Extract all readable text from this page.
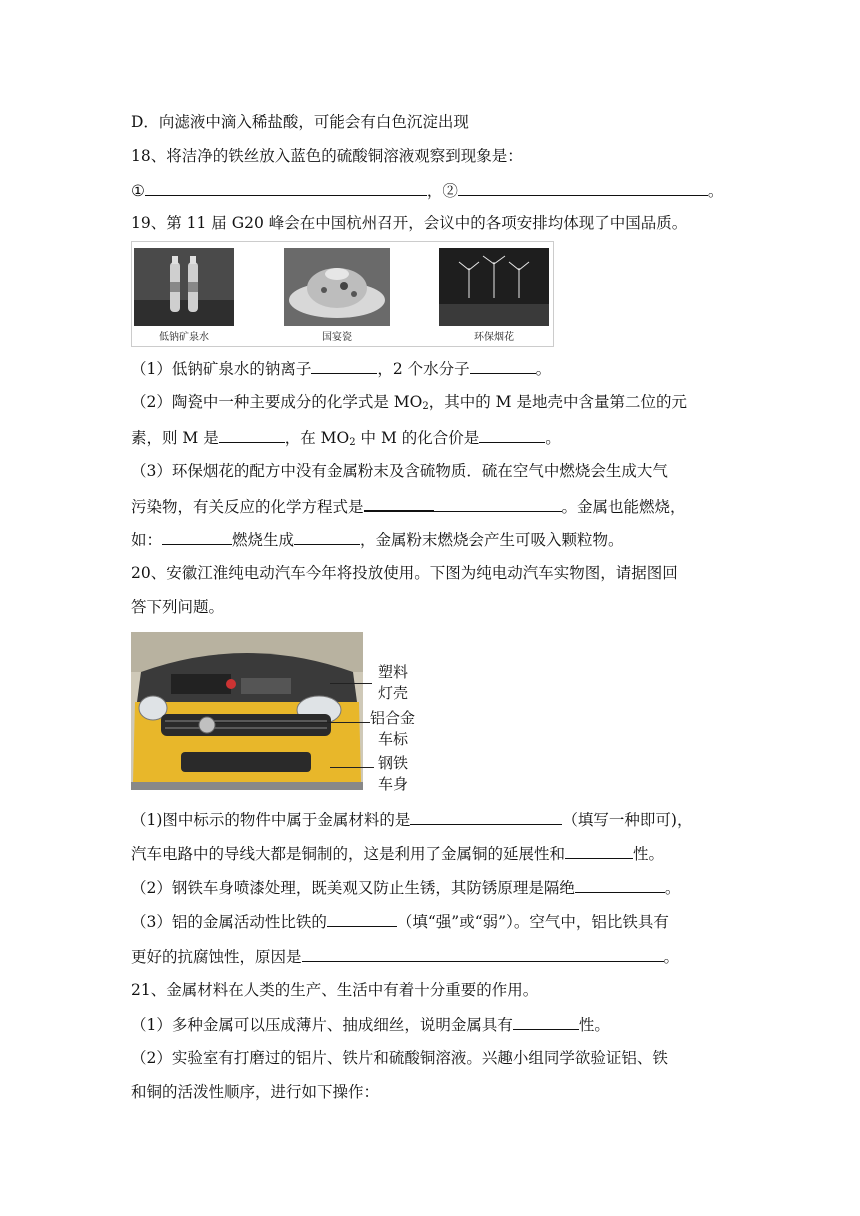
D．向滤液中滴入稀盐酸，可能会有白色沉淀出现
18、将洁净的铁丝放入蓝色的硫酸铜溶液观察到现象是：
①	，②	。
19、第 11 届 G20 峰会在中国杭州召开，会议中的各项安排均体现了中国品质。
低钠矿泉水	国宴瓷	环保烟花
（1）低钠矿泉水的钠离子	，2 个水分子	。
（2）陶瓷中一种主要成分的化学式是 $MO_2$，其中的 M 是地壳中含量第二位的元
素，则 M 是	，在 $MO_2$ 中 M 的化合价是	。
（3）环保烟花的配方中没有金属粉末及含硫物质．硫在空气中燃烧会生成大气
污染物，有关反应的化学方程式是	。金属也能燃烧，
如：	燃烧生成	，金属粉末燃烧会产生可吸入颗粒物。
20、安徽江淮纯电动汽车今年将投放使用。下图为纯电动汽车实物图，请据图回
答下列问题。
塑料
灯壳
铝合金
车标
钢铁
车身
（1)图中标示的物件中属于金属材料的是	（填写一种即可)，
汽车电路中的导线大都是铜制的，这是利用了金属铜的延展性和	性。
（2）钢铁车身喷漆处理，既美观又防止生锈，其防锈原理是隔绝	。
（3）铝的金属活动性比铁的	（填“强”或“弱”）。空气中，铝比铁具有
更好的抗腐蚀性，原因是	。
21、金属材料在人类的生产、生活中有着十分重要的作用。
（1）多种金属可以压成薄片、抽成细丝，说明金属具有	性。
（2）实验室有打磨过的铝片、铁片和硫酸铜溶液。兴趣小组同学欲验证铝、铁
和铜的活泼性顺序，进行如下操作：
